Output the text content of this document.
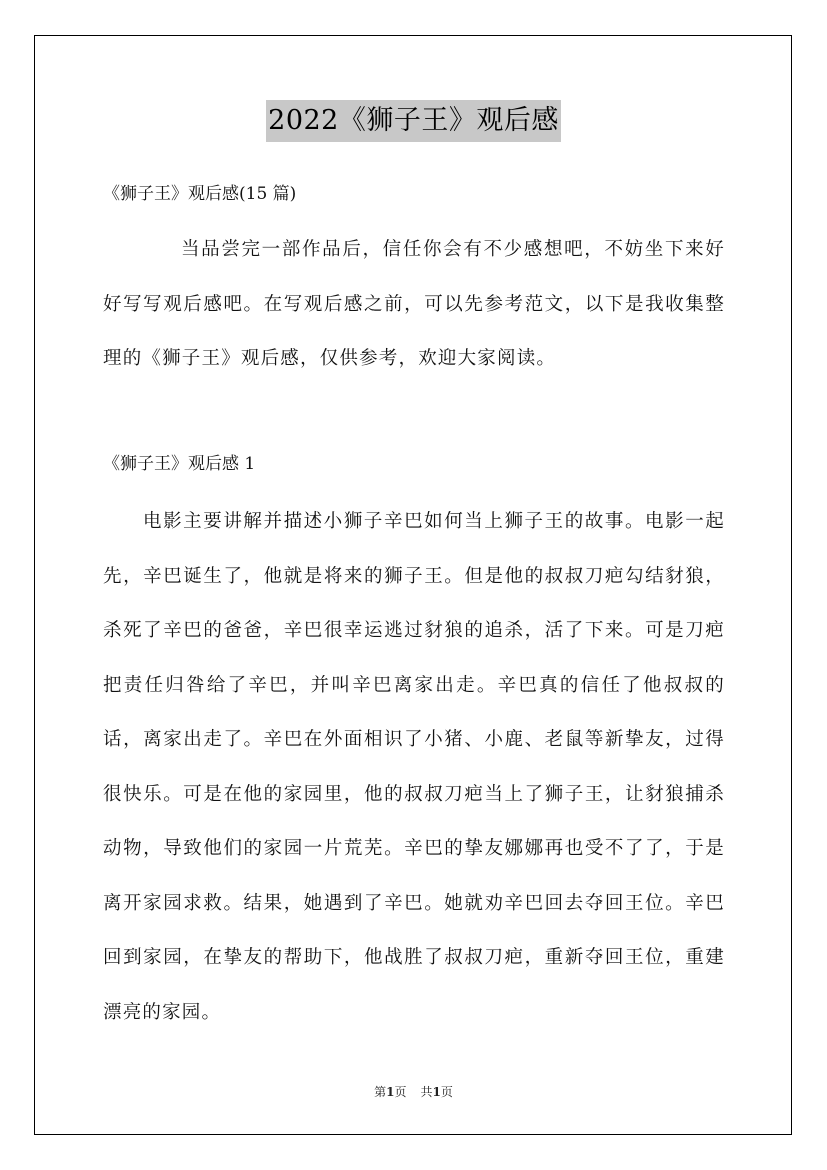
2022《狮子王》观后感
《狮子王》观后感(15 篇)

当品尝完一部作品后，信任你会有不少感想吧，不妨坐下来好好写写观后感吧。在写观后感之前，可以先参考范文，以下是我收集整理的《狮子王》观后感，仅供参考，欢迎大家阅读。

《狮子王》观后感 1

电影主要讲解并描述小狮子辛巴如何当上狮子王的故事。电影一起先，辛巴诞生了，他就是将来的狮子王。但是他的叔叔刀疤勾结豺狼，杀死了辛巴的爸爸，辛巴很幸运逃过豺狼的追杀，活了下来。可是刀疤把责任归咎给了辛巴，并叫辛巴离家出走。辛巴真的信任了他叔叔的话，离家出走了。辛巴在外面相识了小猪、小鹿、老鼠等新挚友，过得很快乐。可是在他的家园里，他的叔叔刀疤当上了狮子王，让豺狼捕杀动物，导致他们的家园一片荒芜。辛巴的挚友娜娜再也受不了了，于是离开家园求救。结果，她遇到了辛巴。她就劝辛巴回去夺回王位。辛巴回到家园，在挚友的帮助下，他战胜了叔叔刀疤，重新夺回王位，重建漂亮的家园。

第1页 共1页
